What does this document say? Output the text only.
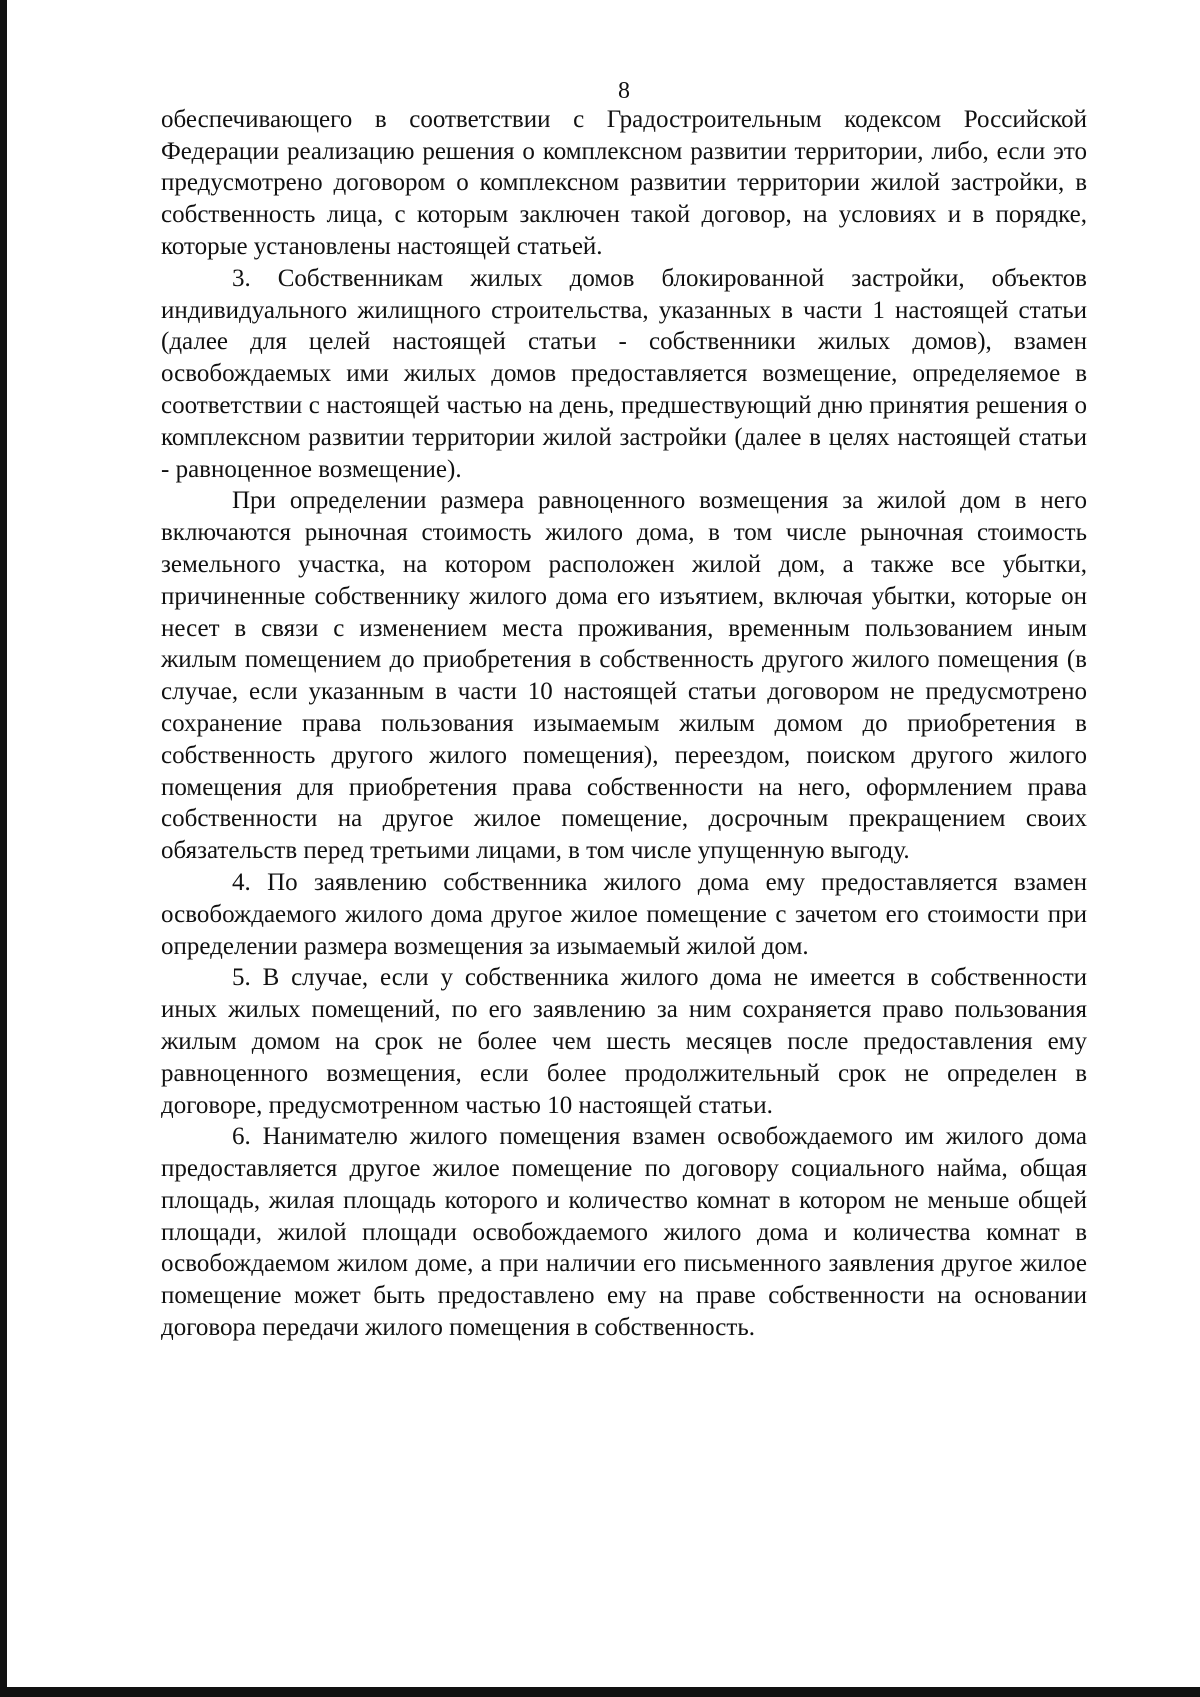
8

обеспечивающего в соответствии с Градостроительным кодексом Российской Федерации реализацию решения о комплексном развитии территории, либо, если это предусмотрено договором о комплексном развитии территории жилой застройки, в собственность лица, с которым заключен такой договор, на условиях и в порядке, которые установлены настоящей статьей.

3. Собственникам жилых домов блокированной застройки, объектов индивидуального жилищного строительства, указанных в части 1 настоящей статьи (далее для целей настоящей статьи - собственники жилых домов), взамен освобождаемых ими жилых домов предоставляется возмещение, определяемое в соответствии с настоящей частью на день, предшествующий дню принятия решения о комплексном развитии территории жилой застройки (далее в целях настоящей статьи - равноценное возмещение).

При определении размера равноценного возмещения за жилой дом в него включаются рыночная стоимость жилого дома, в том числе рыночная стоимость земельного участка, на котором расположен жилой дом, а также все убытки, причиненные собственнику жилого дома его изъятием, включая убытки, которые он несет в связи с изменением места проживания, временным пользованием иным жилым помещением до приобретения в собственность другого жилого помещения (в случае, если указанным в части 10 настоящей статьи договором не предусмотрено сохранение права пользования изымаемым жилым домом до приобретения в собственность другого жилого помещения), переездом, поиском другого жилого помещения для приобретения права собственности на него, оформлением права собственности на другое жилое помещение, досрочным прекращением своих обязательств перед третьими лицами, в том числе упущенную выгоду.

4. По заявлению собственника жилого дома ему предоставляется взамен освобождаемого жилого дома другое жилое помещение с зачетом его стоимости при определении размера возмещения за изымаемый жилой дом.

5. В случае, если у собственника жилого дома не имеется в собственности иных жилых помещений, по его заявлению за ним сохраняется право пользования жилым домом на срок не более чем шесть месяцев после предоставления ему равноценного возмещения, если более продолжительный срок не определен в договоре, предусмотренном частью 10 настоящей статьи.

6. Нанимателю жилого помещения взамен освобождаемого им жилого дома предоставляется другое жилое помещение по договору социального найма, общая площадь, жилая площадь которого и количество комнат в котором не меньше общей площади, жилой площади освобождаемого жилого дома и количества комнат в освобождаемом жилом доме, а при наличии его письменного заявления другое жилое помещение может быть предоставлено ему на праве собственности на основании договора передачи жилого помещения в собственность.
